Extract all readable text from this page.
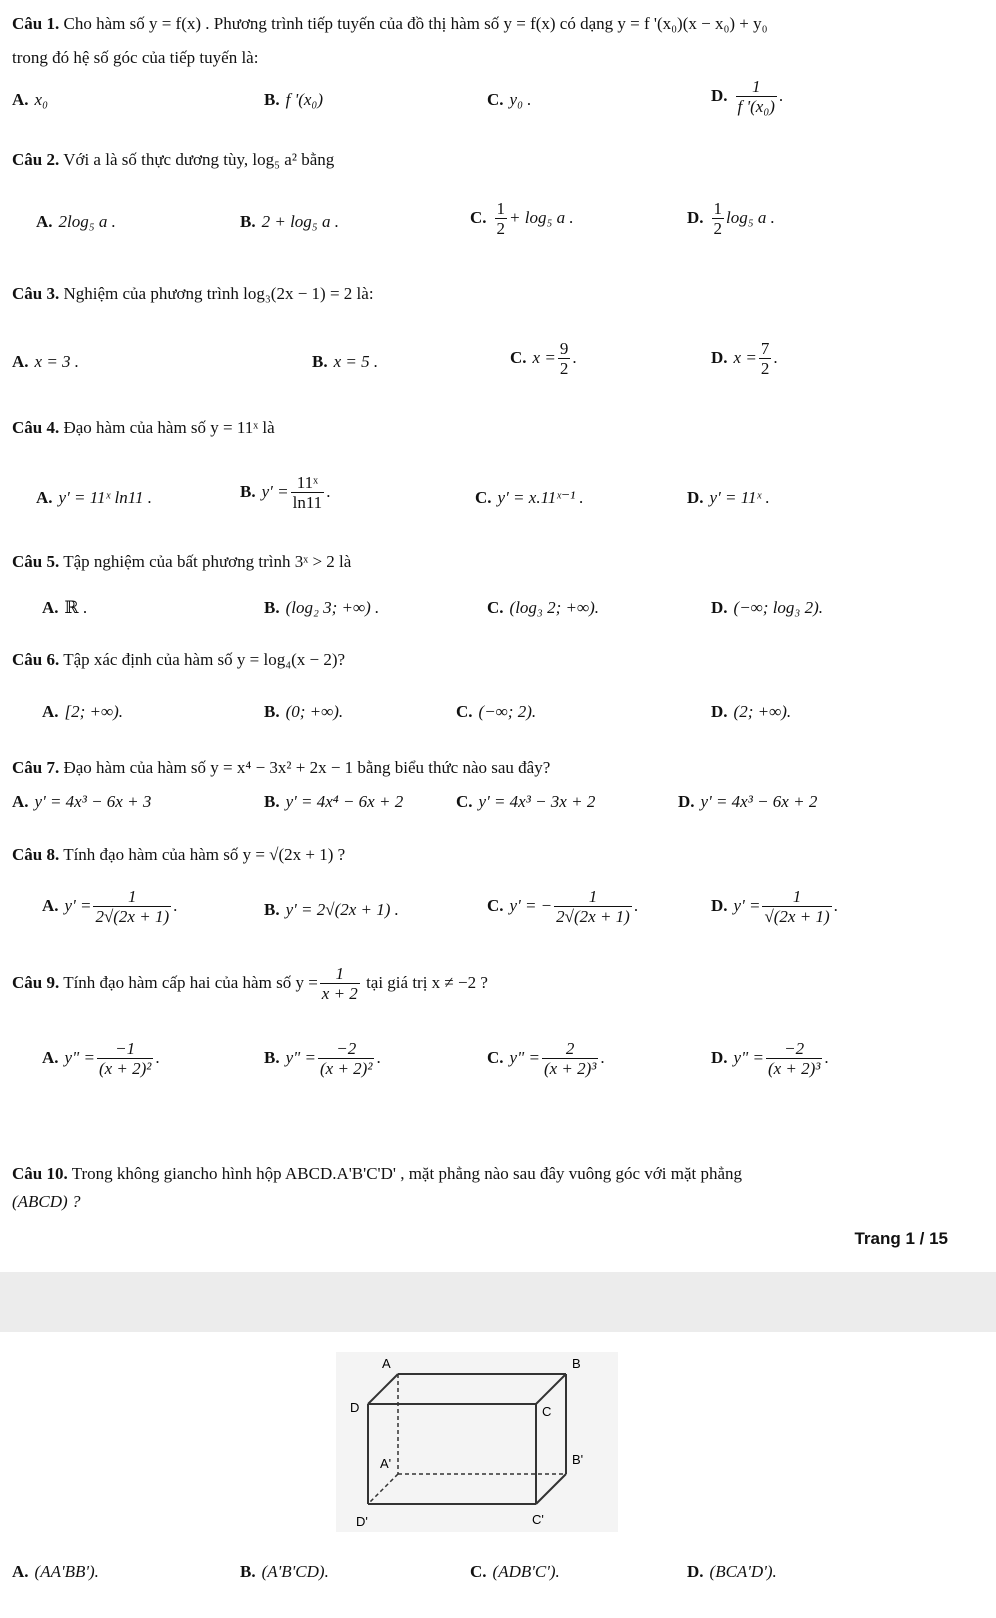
Câu 1. Cho hàm số y = f(x) . Phương trình tiếp tuyến của đồ thị hàm số y = f(x) có dạng y = f '(x₀)(x − x₀) + y₀
trong đó hệ số góc của tiếp tuyến là:
A. x₀	B. f '(x₀)	C. y₀ .	D. $\frac{1}{\text{f '(x₀)}}$ .
Câu 2. Với a là số thực dương tùy, log₅ a² bằng
A. 2log₅ a .	B. 2 + log₅ a .	C. $\frac{1}{2} + \log_5$ a .	D. $\frac{1}{2} \log_5$ a .
Câu 3. Nghiệm của phương trình log₃(2x − 1) = 2 là:
A. x = 3 .	B. x = 5 .	C. $x = \frac{9}{2}$ .	D. $x = \frac{7}{2}$ .
Câu 4. Đạo hàm của hàm số y = 11ˣ là
A. y′ = 11ˣ ln11 .	B. $y' = \frac{\text{11ˣ}}{\ln 11}$ .	C. y′ = x.11ˣ⁻¹ .	D. y′ = 11ˣ .
Câu 5. Tập nghiệm của bất phương trình 3ˣ > 2 là
A. ℝ .	B. (log₂ 3; +∞) .	C. (log₃ 2; +∞).	D. (−∞; log₃ 2).
Câu 6. Tập xác định của hàm số y = log₄(x − 2)?
A. [2; +∞).	B. (0; +∞).	C. (−∞; 2).	D. (2; +∞).
Câu 7. Đạo hàm của hàm số y = x⁴ − 3x² + 2x − 1 bằng biểu thức nào sau đây?
A. y' = 4x³ − 6x + 3	B. y' = 4x⁴ − 6x + 2	C. y' = 4x³ − 3x + 2	D. y' = 4x³ − 6x + 2
Câu 8. Tính đạo hàm của hàm số y = √(2x + 1) ?
A. $y' = \frac{1}{2√(2x + 1)}$ .	B. y' = 2√(2x + 1) .	C. y' = − $\frac{1}{2√(2x + 1)}$ .	D. $y' = \frac{1}{√(2x + 1)}$ .
Câu 9. Tính đạo hàm cấp hai của hàm số $y = \frac{1}{x + 2}$ tại giá trị x ≠ −2 ?
A. y" = $\frac{-1}{\text{(x + 2)²}}$ .	B. y" = $\frac{-2}{\text{(x + 2)²}}$ .	C. y" = $\frac{2}{\text{(x + 2)³}}$ .	D. y" = $\frac{-2}{\text{(x + 2)³}}$ .
Câu 10. Trong không giancho hình hộp ABCD.A'B'C'D' , mặt phẳng nào sau đây vuông góc với mặt phẳng
(ABCD) ?
Trang 1 / 15
A	B
C
D
A'	B'
C'
D'
A. (AA'BB').	B. (A'B'CD).	C. (ADB'C').	D. (BCA'D').
